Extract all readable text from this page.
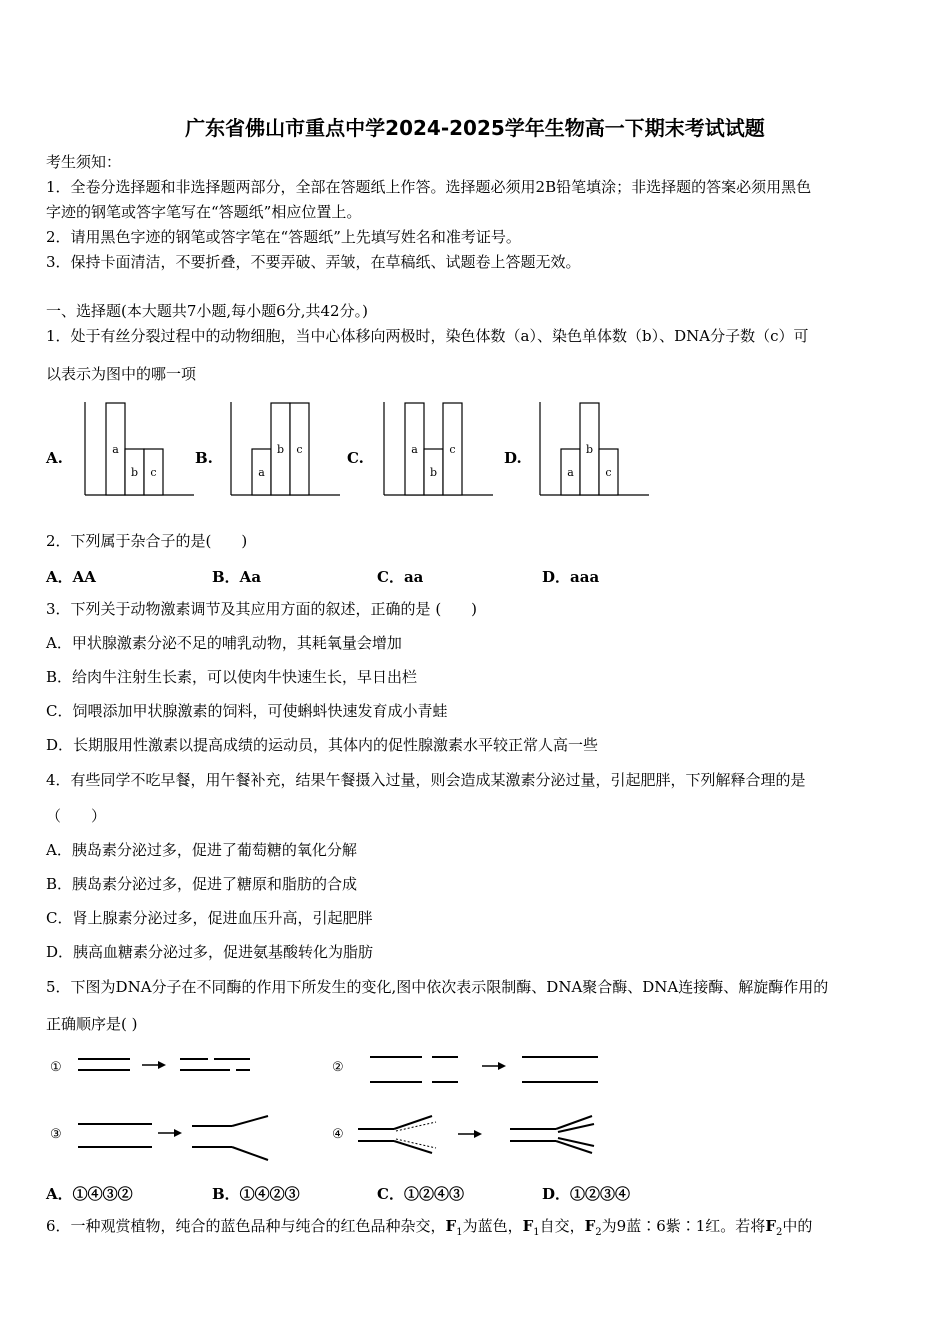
广东省佛山市重点中学2024-2025学年生物高一下期末考试试题
考生须知：
1．全卷分选择题和非选择题两部分，全部在答题纸上作答。选择题必须用2B铅笔填涂；非选择题的答案必须用黑色
字迹的钢笔或答字笔写在“答题纸”相应位置上。
2．请用黑色字迹的钢笔或答字笔在“答题纸”上先填写姓名和准考证号。
3．保持卡面清洁，不要折叠，不要弄破、弄皱，在草稿纸、试题卷上答题无效。
一、选择题(本大题共7小题,每小题6分,共42分。)
1．处于有丝分裂过程中的动物细胞，当中心体移向两极时，染色体数（a）、染色单体数（b）、DNA分子数（c）可
以表示为图中的哪一项
A.	B.	C.	D.
a
b c	a
b c	a
b
c
a
b
c
2．下列属于杂合子的是(　　)
A．AA	B．Aa	C．aa	D．aaa
3．下列关于动物激素调节及其应用方面的叙述，正确的是 (　　)
A．甲状腺激素分泌不足的哺乳动物，其耗氧量会增加
B．给肉牛注射生长素，可以使肉牛快速生长，早日出栏
C．饲喂添加甲状腺激素的饲料，可使蝌蚪快速发育成小青蛙
D．长期服用性激素以提高成绩的运动员，其体内的促性腺激素水平较正常人高一些
4．有些同学不吃早餐，用午餐补充，结果午餐摄入过量，则会造成某激素分泌过量，引起肥胖，下列解释合理的是
（　　）
A．胰岛素分泌过多，促进了葡萄糖的氧化分解
B．胰岛素分泌过多，促进了糖原和脂肪的合成
C．肾上腺素分泌过多，促进血压升高，引起肥胖
D．胰高血糖素分泌过多，促进氨基酸转化为脂肪
5．下图为DNA分子在不同酶的作用下所发生的变化,图中依次表示限制酶、DNA聚合酶、DNA连接酶、解旋酶作用的
正确顺序是( )
①	②
③	④
A．①④③②	B．①④②③	C．①②④③	D．①②③④
6．一种观赏植物，纯合的蓝色品种与纯合的红色品种杂交，$F_1$为蓝色，$F_1$自交，$F_2$为9蓝∶6紫∶1红。若将$F_2$中的
